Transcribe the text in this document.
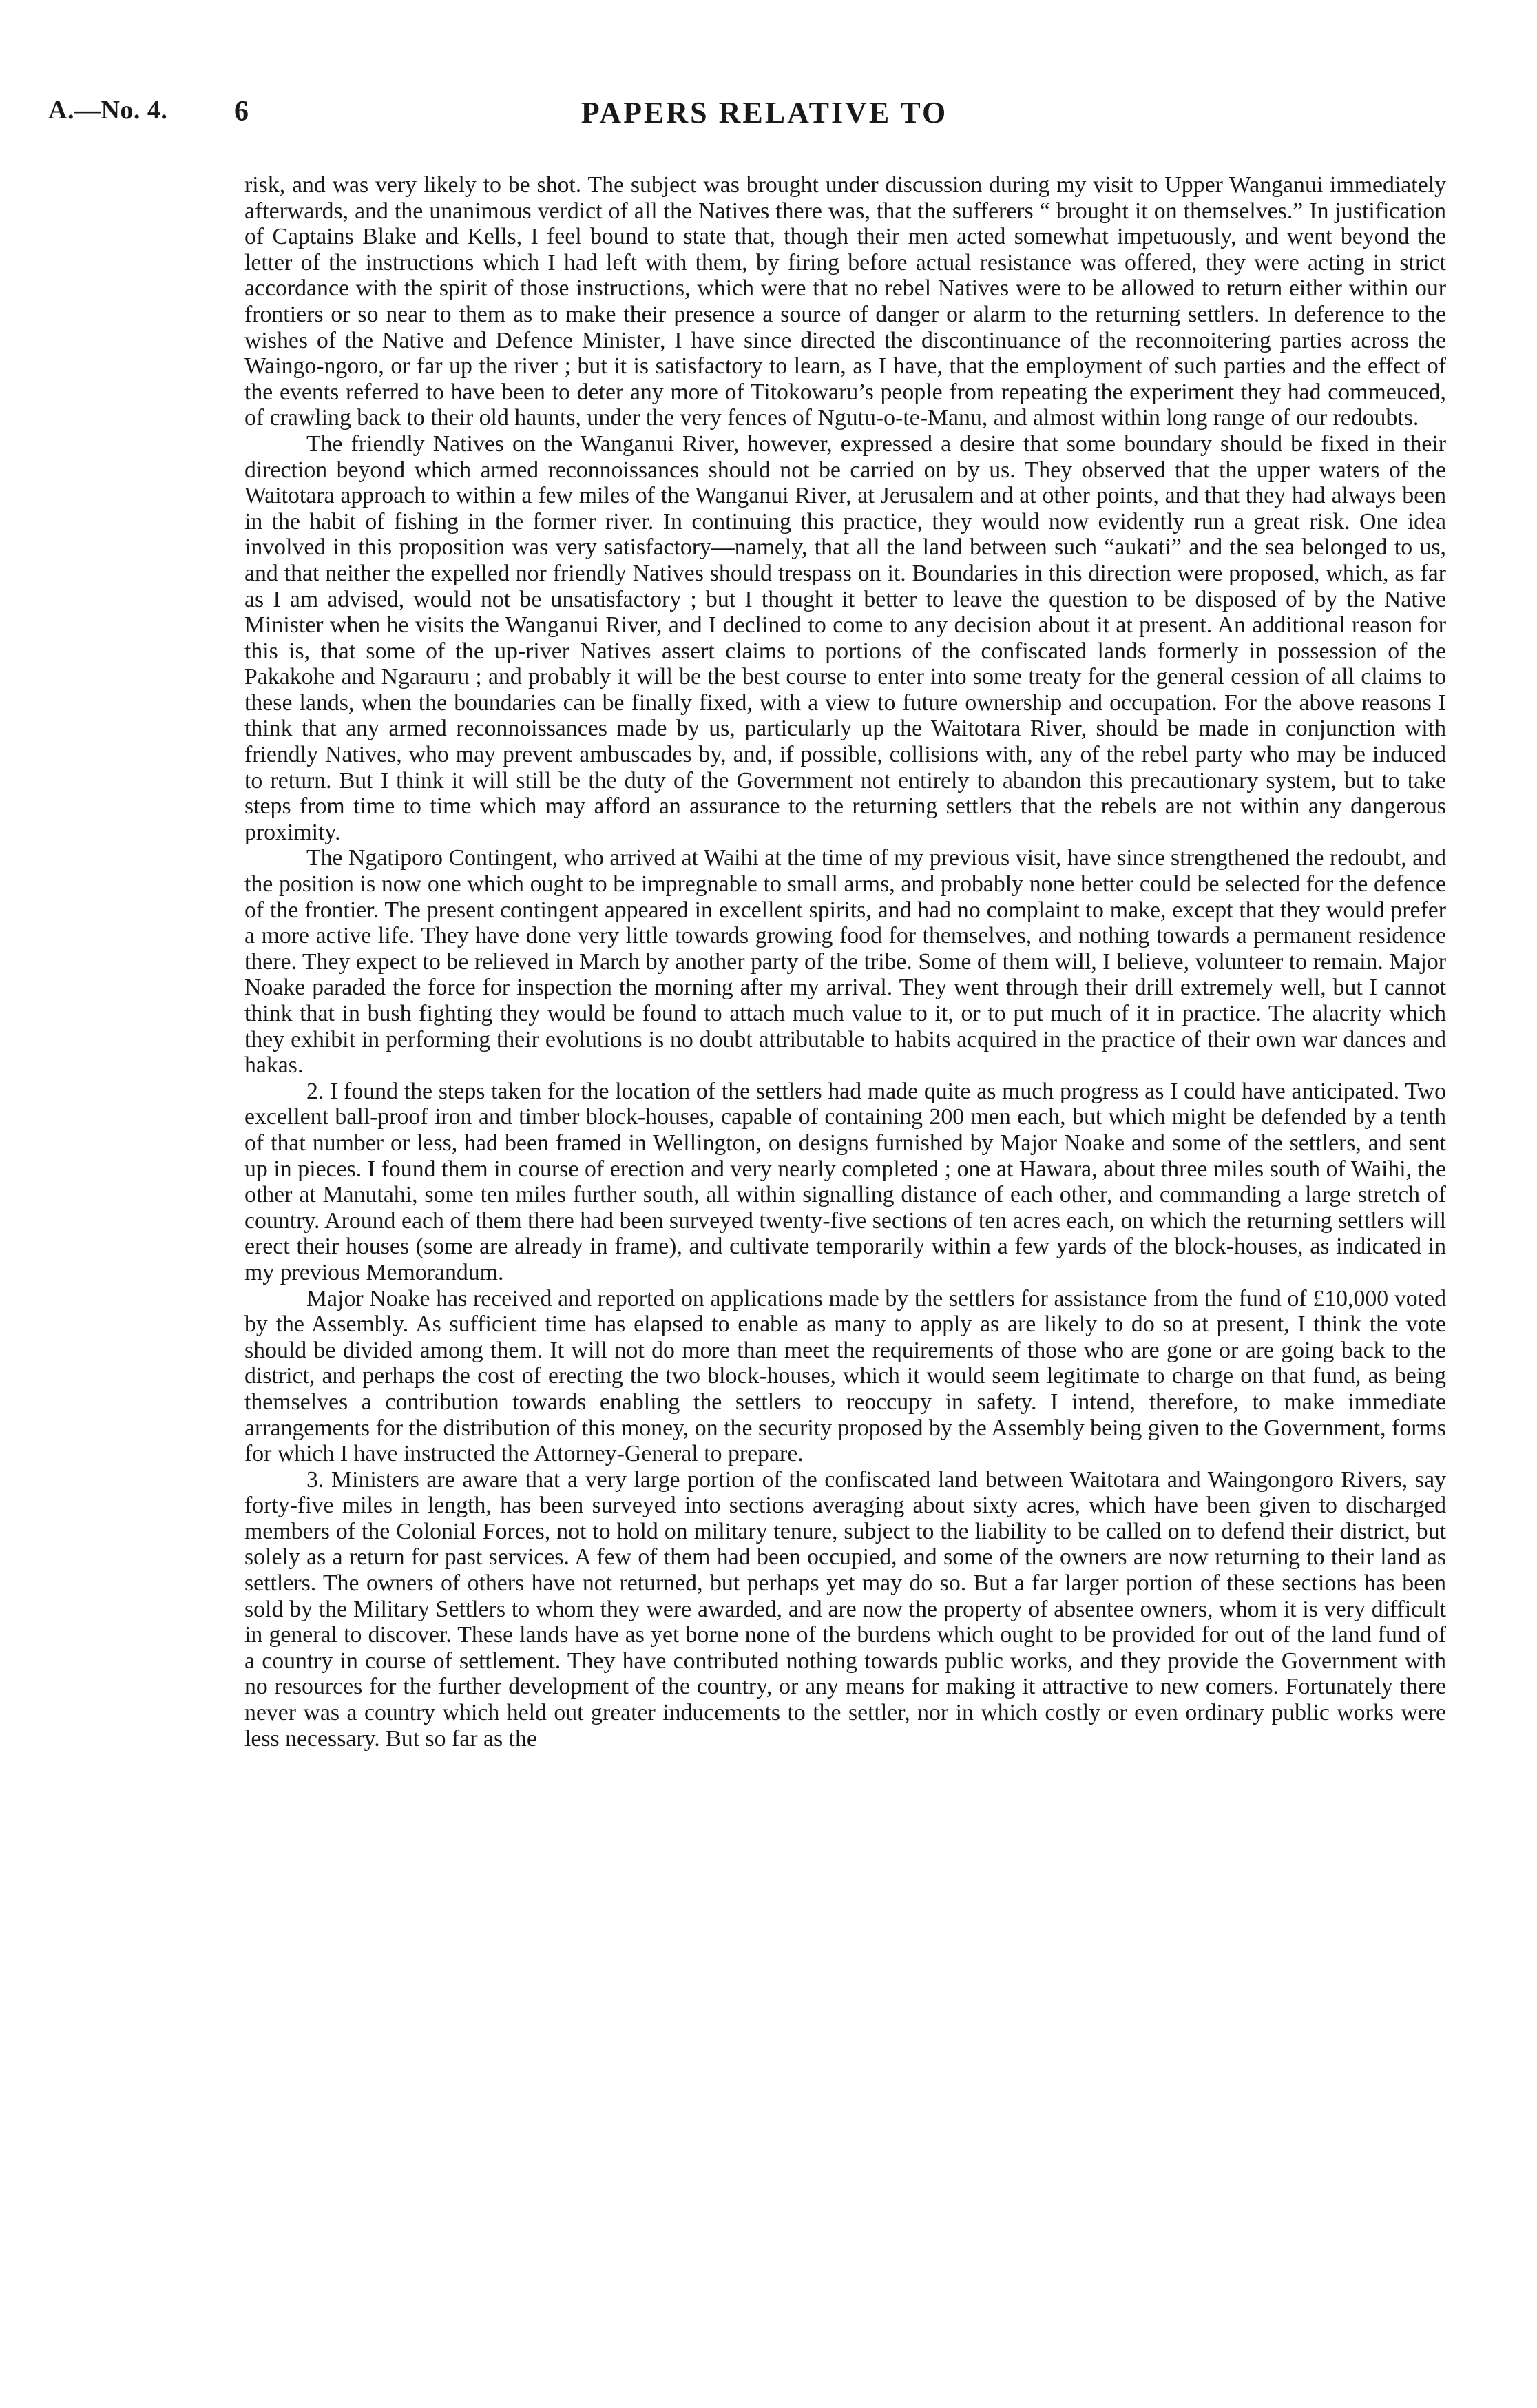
A.—No. 4. 6	PAPERS RELATIVE TO

risk, and was very likely to be shot. The subject was brought under discussion during my visit to Upper Wanganui immediately afterwards, and the unanimous verdict of all the Natives there was, that the sufferers “ brought it on themselves.” In justification of Captains Blake and Kells, I feel bound to state that, though their men acted somewhat impetuously, and went beyond the letter of the instructions which I had left with them, by firing before actual resistance was offered, they were acting in strict accordance with the spirit of those instructions, which were that no rebel Natives were to be allowed to return either within our frontiers or so near to them as to make their presence a source of danger or alarm to the returning settlers. In deference to the wishes of the Native and Defence Minister, I have since directed the discontinuance of the reconnoitering parties across the Waingo-ngoro, or far up the river ; but it is satisfactory to learn, as I have, that the employment of such parties and the effect of the events referred to have been to deter any more of Titokowaru’s people from repeating the experiment they had commeuced, of crawling back to their old haunts, under the very fences of Ngutu-o-te-Manu, and almost within long range of our redoubts.

The friendly Natives on the Wanganui River, however, expressed a desire that some boundary should be fixed in their direction beyond which armed reconnoissances should not be carried on by us. They observed that the upper waters of the Waitotara approach to within a few miles of the Wanganui River, at Jerusalem and at other points, and that they had always been in the habit of fishing in the former river. In continuing this practice, they would now evidently run a great risk. One idea involved in this proposition was very satisfactory—namely, that all the land between such “aukati” and the sea belonged to us, and that neither the expelled nor friendly Natives should trespass on it. Boundaries in this direction were proposed, which, as far as I am advised, would not be unsatisfactory ; but I thought it better to leave the question to be disposed of by the Native Minister when he visits the Wanganui River, and I declined to come to any decision about it at present. An additional reason for this is, that some of the up-river Natives assert claims to portions of the confiscated lands formerly in possession of the Pakakohe and Ngarauru ; and probably it will be the best course to enter into some treaty for the general cession of all claims to these lands, when the boundaries can be finally fixed, with a view to future ownership and occupation. For the above reasons I think that any armed reconnoissances made by us, particularly up the Waitotara River, should be made in conjunction with friendly Natives, who may prevent ambuscades by, and, if possible, collisions with, any of the rebel party who may be induced to return. But I think it will still be the duty of the Government not entirely to abandon this precautionary system, but to take steps from time to time which may afford an assurance to the returning settlers that the rebels are not within any dangerous proximity.

The Ngatiporo Contingent, who arrived at Waihi at the time of my previous visit, have since strengthened the redoubt, and the position is now one which ought to be impregnable to small arms, and probably none better could be selected for the defence of the frontier. The present contingent appeared in excellent spirits, and had no complaint to make, except that they would prefer a more active life. They have done very little towards growing food for themselves, and nothing towards a permanent residence there. They expect to be relieved in March by another party of the tribe. Some of them will, I believe, volunteer to remain. Major Noake paraded the force for inspection the morning after my arrival. They went through their drill extremely well, but I cannot think that in bush fighting they would be found to attach much value to it, or to put much of it in practice. The alacrity which they exhibit in performing their evolutions is no doubt attributable to habits acquired in the practice of their own war dances and hakas.

2. I found the steps taken for the location of the settlers had made quite as much progress as I could have anticipated. Two excellent ball-proof iron and timber block-houses, capable of containing 200 men each, but which might be defended by a tenth of that number or less, had been framed in Wellington, on designs furnished by Major Noake and some of the settlers, and sent up in pieces. I found them in course of erection and very nearly completed ; one at Hawara, about three miles south of Waihi, the other at Manutahi, some ten miles further south, all within signalling distance of each other, and commanding a large stretch of country. Around each of them there had been surveyed twenty-five sections of ten acres each, on which the returning settlers will erect their houses (some are already in frame), and cultivate temporarily within a few yards of the block-houses, as indicated in my previous Memorandum.

Major Noake has received and reported on applications made by the settlers for assistance from the fund of £10,000 voted by the Assembly. As sufficient time has elapsed to enable as many to apply as are likely to do so at present, I think the vote should be divided among them. It will not do more than meet the requirements of those who are gone or are going back to the district, and perhaps the cost of erecting the two block-houses, which it would seem legitimate to charge on that fund, as being themselves a contribution towards enabling the settlers to reoccupy in safety. I intend, therefore, to make immediate arrangements for the distribution of this money, on the security proposed by the Assembly being given to the Government, forms for which I have instructed the Attorney-General to prepare.

3. Ministers are aware that a very large portion of the confiscated land between Waitotara and Waingongoro Rivers, say forty-five miles in length, has been surveyed into sections averaging about sixty acres, which have been given to discharged members of the Colonial Forces, not to hold on military tenure, subject to the liability to be called on to defend their district, but solely as a return for past services. A few of them had been occupied, and some of the owners are now returning to their land as settlers. The owners of others have not returned, but perhaps yet may do so. But a far larger portion of these sections has been sold by the Military Settlers to whom they were awarded, and are now the property of absentee owners, whom it is very difficult in general to discover. These lands have as yet borne none of the burdens which ought to be provided for out of the land fund of a country in course of settlement. They have contributed nothing towards public works, and they provide the Government with no resources for the further development of the country, or any means for making it attractive to new comers. Fortunately there never was a country which held out greater inducements to the settler, nor in which costly or even ordinary public works were less necessary. But so far as the
